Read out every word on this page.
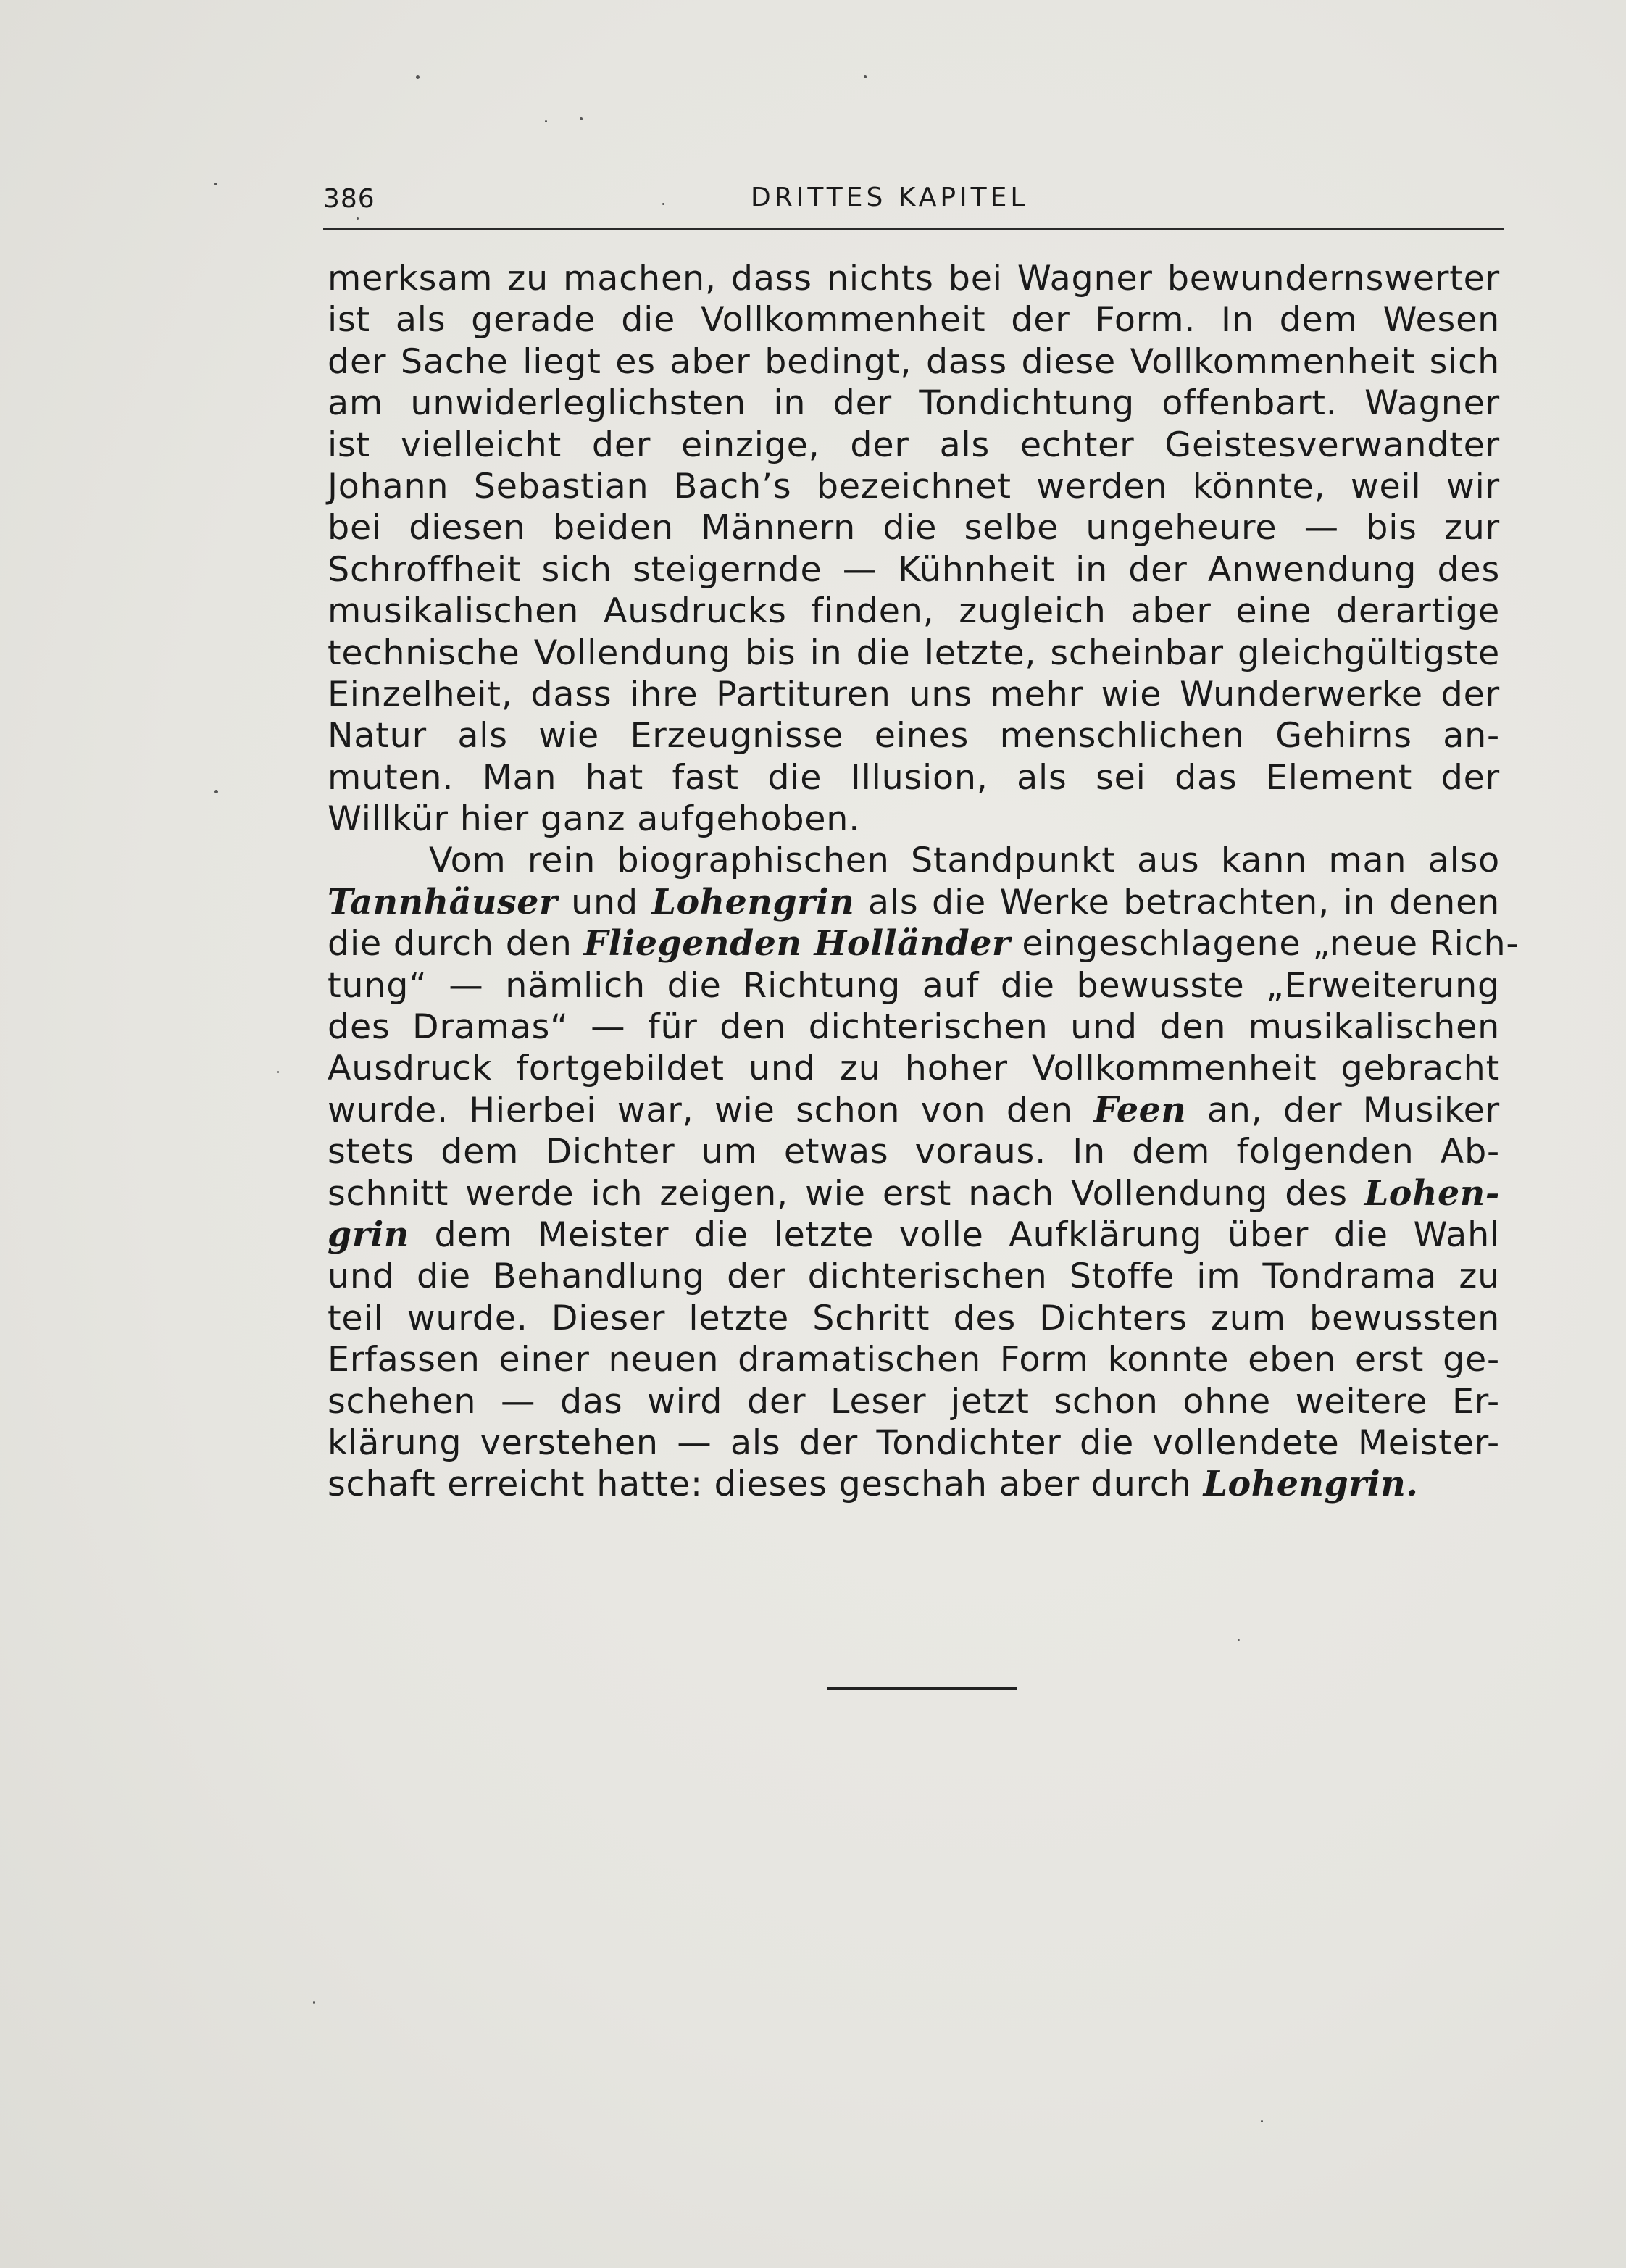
386	DRITTES KAPITEL
merksam zu machen, dass nichts bei Wagner bewundernswerter
ist als gerade die Vollkommenheit der Form. In dem Wesen
der Sache liegt es aber bedingt, dass diese Vollkommenheit sich
am unwiderleglichsten in der Tondichtung offenbart. Wagner
ist vielleicht der einzige, der als echter Geistesverwandter
Johann Sebastian Bach’s bezeichnet werden könnte, weil wir
bei diesen beiden Männern die selbe ungeheure — bis zur
Schroffheit sich steigernde — Kühnheit in der Anwendung des
musikalischen Ausdrucks finden, zugleich aber eine derartige
technische Vollendung bis in die letzte, scheinbar gleichgültigste
Einzelheit, dass ihre Partituren uns mehr wie Wunderwerke der
Natur als wie Erzeugnisse eines menschlichen Gehirns an-
muten. Man hat fast die Illusion, als sei das Element der
Willkür hier ganz aufgehoben.
Vom rein biographischen Standpunkt aus kann man also
Tannhäuser und Lohengrin als die Werke betrachten, in denen
die durch den Fliegenden Holländer eingeschlagene „neue Rich-
tung“ — nämlich die Richtung auf die bewusste „Erweiterung
des Dramas“ — für den dichterischen und den musikalischen
Ausdruck fortgebildet und zu hoher Vollkommenheit gebracht
wurde. Hierbei war, wie schon von den Feen an, der Musiker
stets dem Dichter um etwas voraus. In dem folgenden Ab-
schnitt werde ich zeigen, wie erst nach Vollendung des Lohen-
grin dem Meister die letzte volle Aufklärung über die Wahl
und die Behandlung der dichterischen Stoffe im Tondrama zu
teil wurde. Dieser letzte Schritt des Dichters zum bewussten
Erfassen einer neuen dramatischen Form konnte eben erst ge-
schehen — das wird der Leser jetzt schon ohne weitere Er-
klärung verstehen — als der Tondichter die vollendete Meister-
schaft erreicht hatte: dieses geschah aber durch Lohengrin.
